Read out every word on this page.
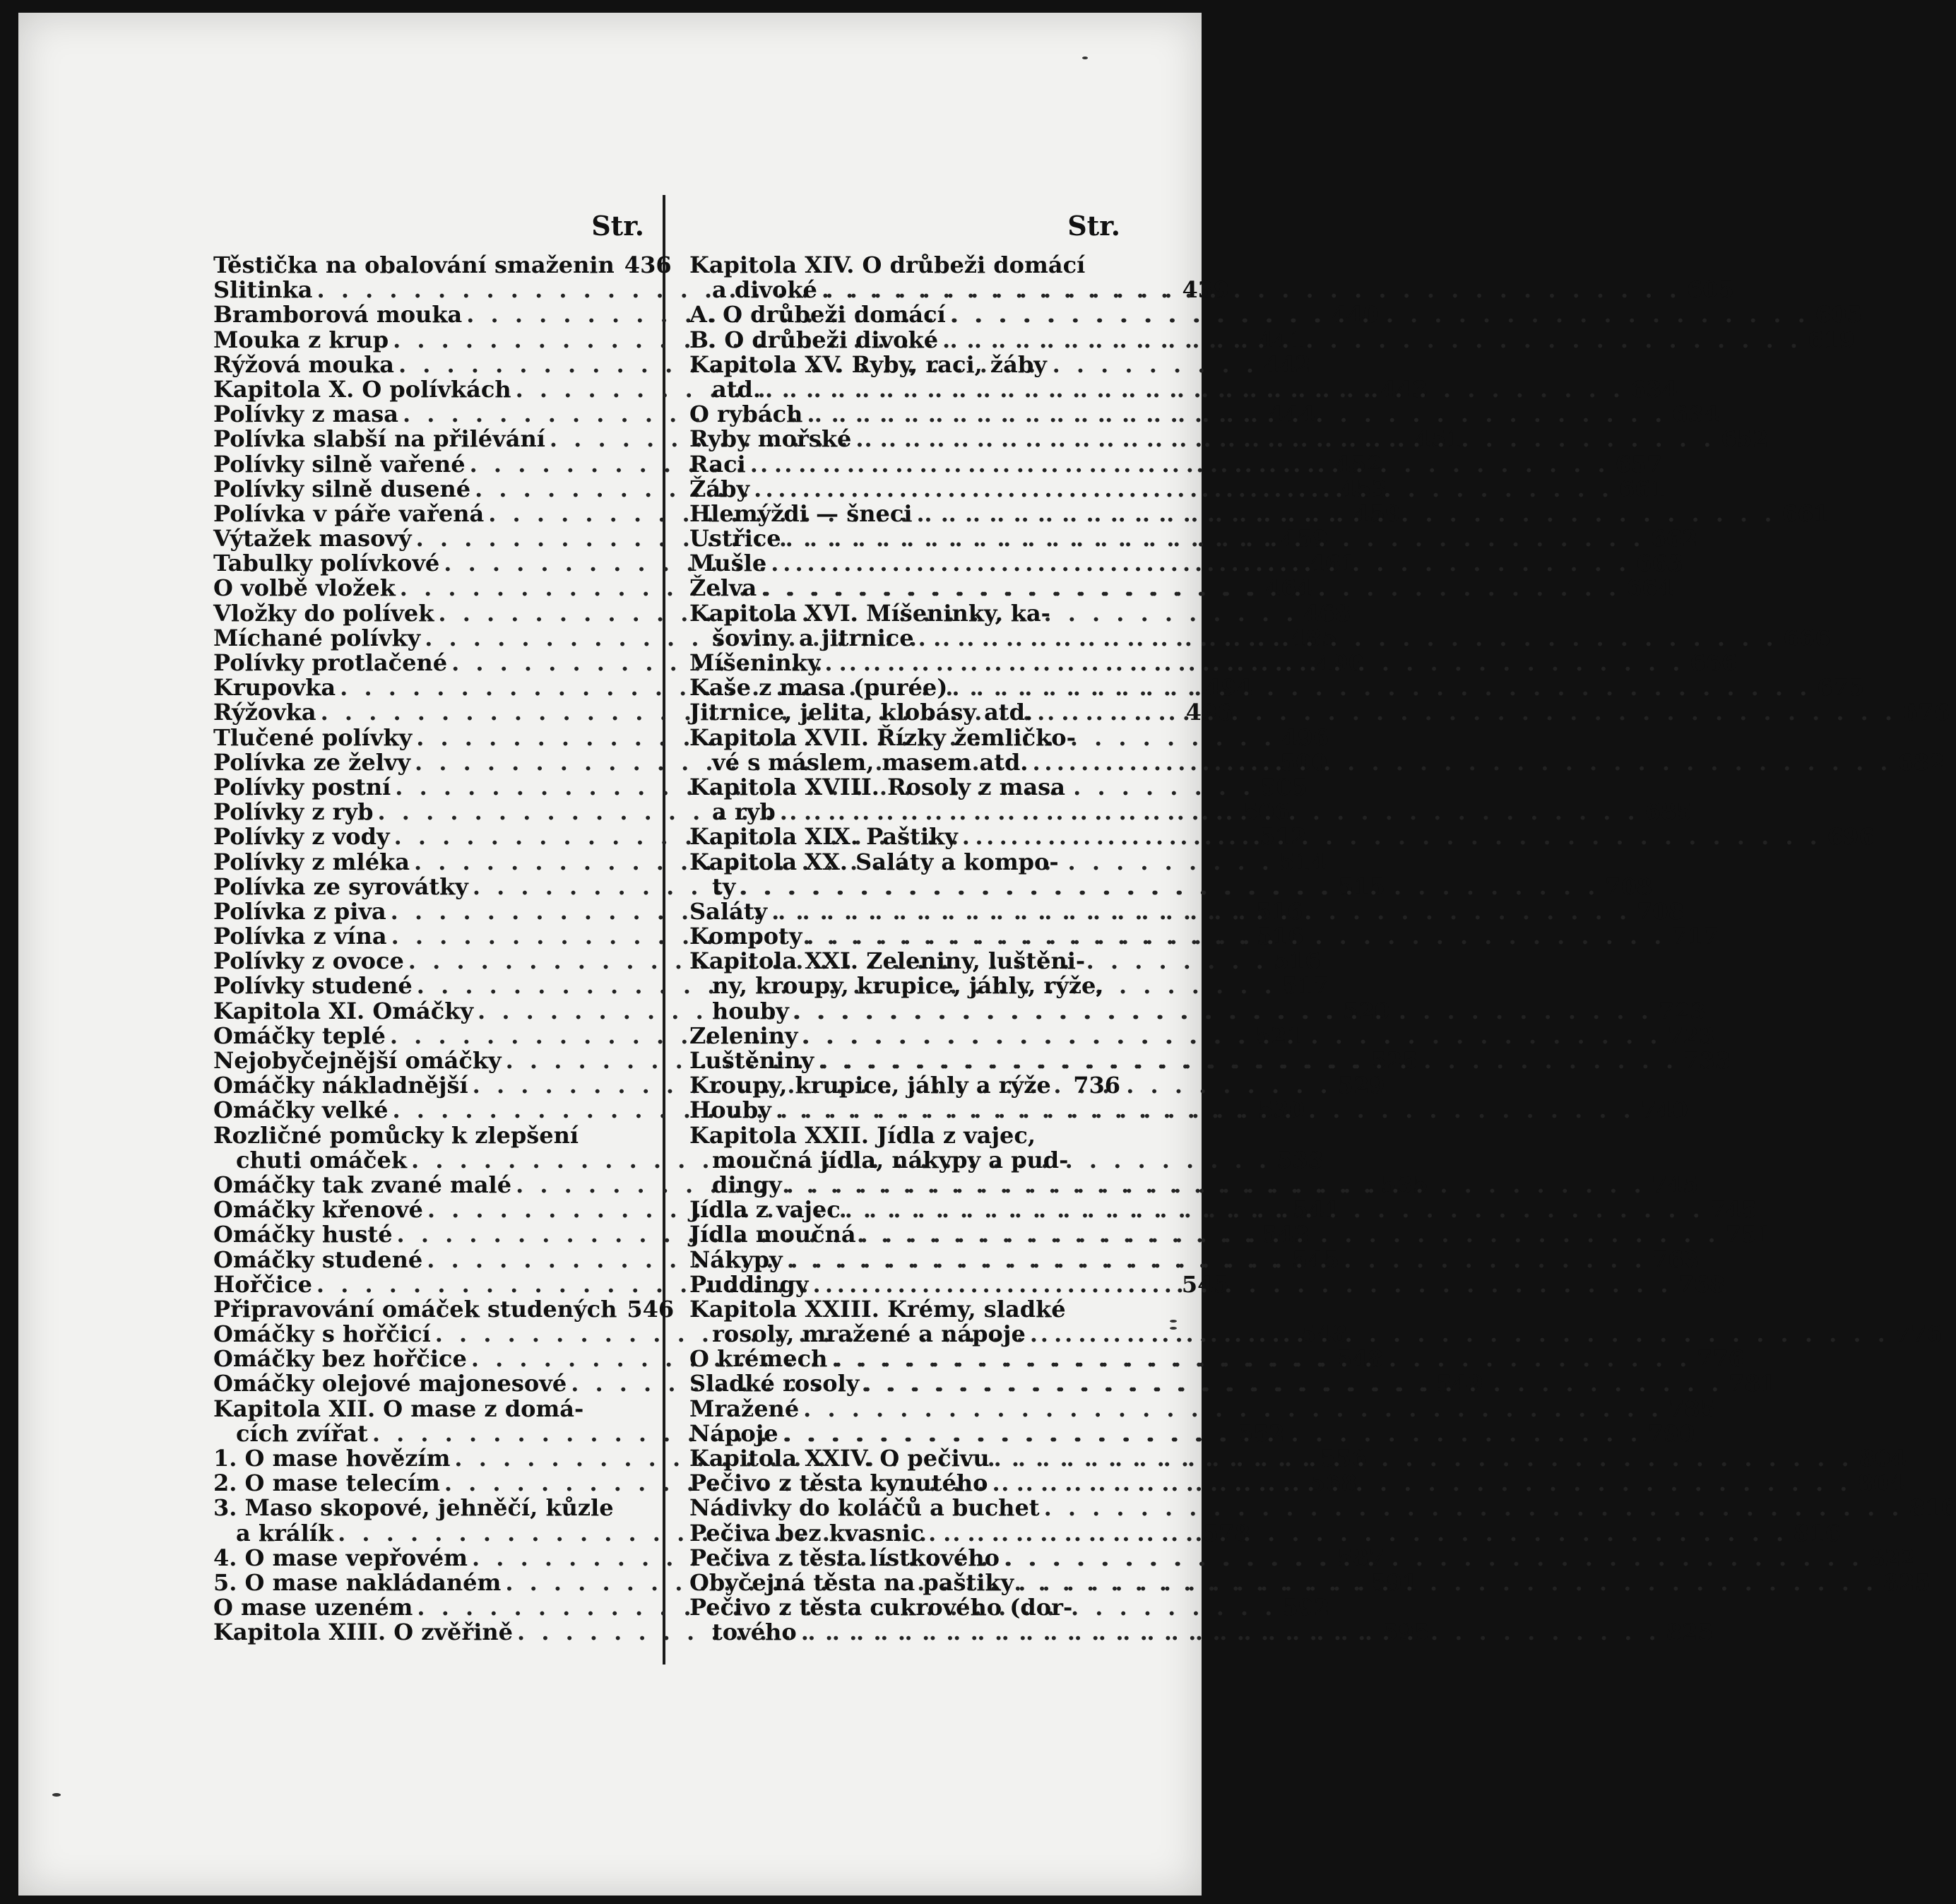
Str.
Těstička na obalování smaženin 436
Slitinka . . .	439
Bramborová mouka . . .	440
Mouka z krup . . .	441
Rýžová mouka . . .	442
Kapitola X. O polívkách . . .	443
Polívky z masa . . .	444
Polívka slabší na přilévání . . .	451
Polívky silně vařené . . .	452
Polívky silně dusené . . .	453
Polívka v páře vařená . . .	459
Výtažek masový . . .	459
Tabulky polívkové . . .	461
O volbě vložek . . .	464
Vložky do polívek . . .	468
Míchané polívky . . .	485
Polívky protlačené . . .	490
Krupovka . . .	494
Rýžovka . . .	496
Tlučené polívky . . .	496
Polívka ze želvy . . .	500
Polívky postní . . .	505
Polívky z ryb . . .	506
Polívky z vody . . .	512
Polívky z mléka . . .	514
Polívka ze syrovátky . . .	515
Polívka z piva . . .	516
Polívka z vína . . .	516
Polívky z ovoce . . .	516
Polívky studené . . .	517
Kapitola XI. Omáčky . . .	520
Omáčky teplé . . .	521
Nejobyčejnější omáčky . . .	525
Omáčky nákladnější . . .	529
Omáčky velké . . .	530
Rozličné pomůcky k zlepšení
chuti omáček . . .	533
Omáčky tak zvané malé . . .	535
Omáčky křenové . . .	541
Omáčky husté . . .	543
Omáčky studené . . .	545
Hořčice . . .	545
Připravování omáček studených 546
Omáčky s hořčicí . . .	548
Omáčky bez hořčice . . .	548
Omáčky olejové majonesové . . .	549
Kapitola XII. O mase z domá-
cích zvířat . . .	552
1. O mase hovězím . . .	556
2. O mase telecím . . .	568
3. Maso skopové, jehněčí, kůzle
a králík . . .	578
4. O mase vepřovém . . .	587
5. O mase nakládaném . . .	591
O mase uzeném . . .	592
Kapitola XIII. O zvěřině . . .	595
Str.
Kapitola XIV. O drůbeži domácí
a divoké . . .	605
A. O drůbeži domácí . . .	605
B. O drůbeži divoké . . .	619
Kapitola XV. Ryby, raci, žáby
atd. . . .	634
O rybách . . .	634
Ryby mořské . . .	652
Raci . . .	657
Žáby . . .	661
Hlemýždi — šneci . . .	661
Ustřice . . .	662
Mušle . . .	663
Želva . . .	664
Kapitola XVI. Míšeninky, ka-
šoviny a jitrnice . . .	666
Míšeninky . . .	666
Kaše z masa (purée) . . .	675
Jitrnice, jelita, klobásy atd. . . .	676
Kapitola XVII. Řízky žemličko-
vé s máslem, masem atd. . . .	682
Kapitola XVIII. Rosoly z masa
a ryb . . .	685
Kapitola XIX. Paštiky . . .	696
Kapitola XX. Saláty a kompo-
ty . . .	708
Saláty . . .	708
Kompoty . . .	717
Kapitola XXI. Zeleniny, luštěni-
ny, kroupy, krupice, jáhly, rýže,
houby . . .	723
Zeleniny . . .	723
Luštěniny . . .	733
Kroupy, krupice, jáhly a rýže 736
Houby . . .	740
Kapitola XXII. Jídla z vajec,
moučná jídla, nákypy a pud-
dingy . . .	745
Jídla z vajec . . .	745
Jídla moučná . . .	751
Nákypy . . .	763
Puddingy . . .	768
Kapitola XXIII. Krémy, sladké
rosoly, mražené a nápoje . . .	776
O krémech . . .	776
Sladké rosoly . . .	781
Mražené . . .	785
Nápoje . . .	790
Kapitola XXIV. O pečivu . . .	804
Pečivo z těsta kynutého . . .	804
Nádivky do koláčů a buchet . . .	816
Pečiva bez kvasnic . . .	816
Pečiva z těsta lístkového . . .	822
Obyčejná těsta na paštiky . . .	825
Pečivo z těsta cukrového (dor-
tového . . .	825
